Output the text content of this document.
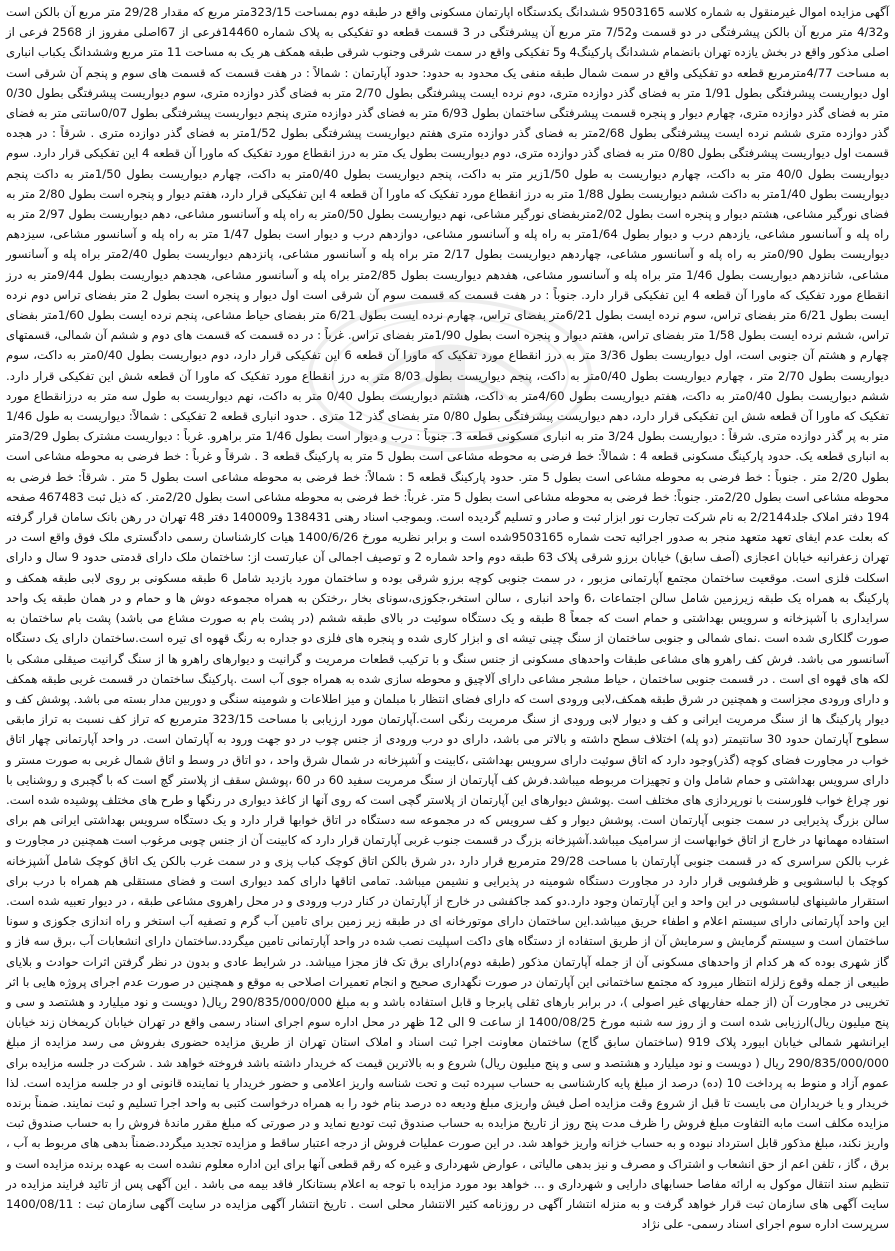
آگهی مزایده اموال غیرمنقول به شماره کلاسه 9503165 ششدانگ یکدستگاه اپارتمان مسکونی واقع در طبقه دوم بمساحت 323/15متر مربع که مقدار 29/28 متر مربع آن بالکن است و4/32 متر مربع آن بالکن پیشرفتگی در دو قسمت و7/52 متر مربع آن پیشرفتگی در 3 قسمت قطعه دو تفکیکی به پلاک شماره 14460فرعی از 67اصلی مفروز از 2568 فرعی از اصلی مذکور واقع در بخش یازده تهران بانضمام ششدانگ پارکینگ4 و5 تفکیکی واقع در سمت شرقی وجنوب شرقی طبقه همکف هر یک به مساحت 11 متر مربع وششدانگ یکباب انباری به مساحت 4/77مترمربع قطعه دو تفکیکی واقع در سمت شمال طبقه منفی یک محدود به حدود: حدود آپارتمان : شمالاً : در هفت قسمت که قسمت های سوم و پنجم آن شرقی است اول دیواریست پیشرفتگی بطول 1/91 متر به فضای گذر دوازده متری، دوم نرده ایست پیشرفتگی بطول 2/70 متر به فضای گذر دوازده متری، سوم دیواریست پیشرفتگی بطول 0/30 متر به فضای گذر دوازده متری، چهارم دیوار و پنجره قسمت پیشرفتگی ساختمان بطول 6/93 متر به فضای گذر دوازده متری پنجم دیواریست پیشرفتگی بطول 0/07سانتی متر به فضای گذر دوازده متری ششم نرده ایست پیشرفتگی بطول 2/68متر به فضای گذر دوازده متری هفتم دیواریست پیشرفتگی بطول 1/52متر به فضای گذر دوازده متری . شرقاً : در هجده قسمت اول دیواریست پیشرفتگی بطول 0/80 متر به فضای گذر دوازده متری، دوم دیواریست بطول یک متر به درز انقطاع مورد تفکیک که ماورا آن قطعه 4 این تفکیکی قرار دارد. سوم دیواریست بطول 40/0 متر به داکت، چهارم دیواریست به طول 1/50زیر متر به داکت، پنجم دیواریست بطول 0/40متر به داکت، چهارم دیواریست بطول 1/50متر به داکت پنجم دیواریست بطول 1/40متر به داکت ششم دیواریست بطول 1/88 متر به درز انقطاع مورد تفکیک که ماورا آن قطعه 4 این تفکیکی قرار دارد، هفتم دیوار و پنجره است بطول 2/80 متر به فضای نورگیر مشاعی، هشتم دیوار و پنجره است بطول 2/02متربفضای نورگیر مشاعی، نهم دیواریست بطول 0/50متر به راه پله و آسانسور مشاعی، دهم دیواریست بطول 2/97 متر به راه پله و آسانسور مشاعی، یازدهم درب و دیوار بطول 1/64متر به راه پله و آسانسور مشاعی، دوازدهم درب و دیوار است بطول 1/47 متر به راه پله و آسانسور مشاعی، سیزدهم دیواریست بطول 0/90متر به راه پله و آسانسور مشاعی، چهاردهم دیواریست بطول 2/17 متر براه پله و آسانسور مشاعی، پانزدهم دیواریست بطول 2/40متر براه پله و آسانسور مشاعی، شانزدهم دیواریست بطول 1/46 متر براه پله و آسانسور مشاعی، هفدهم دیواریست بطول 2/85متر براه پله و آسانسور مشاعی، هجدهم دیواریست بطول 9/44متر به درز انقطاع مورد تفکیک که ماورا آن قطعه 4 این تفکیکی قرار دارد. جنوباً : در هفت قسمت که قسمت سوم آن شرقی است اول دیوار و پنجره است بطول 2 متر بفضای تراس دوم نرده ایست بطول 6/21 متر بفضای تراس، سوم نرده ایست بطول 6/21متر بفضای تراس، چهارم نرده ایست بطول 6/21 متر بفضای حیاط مشاعی، پنجم نرده ایست بطول 1/60متر بفضای تراس، ششم نرده ایست بطول 1/58 متر بفضای تراس، هفتم دیوار و پنجره است بطول 1/90متر بفضای تراس. غرباً : در ده قسمت که قسمت های دوم و ششم آن شمالی، قسمتهای چهارم و هشتم آن جنوبی است، اول دیواریست بطول 3/36 متر به درز انقطاع مورد تفکیک که ماورا آن قطعه 6 این تفکیکی قرار دارد، دوم دیواریست بطول 0/40متر به داکت، سوم دیواریست بطول 2/70 متر ، چهارم دیواریست بطول 0/40متر به داکت، پنجم دیواریست بطول 8/03 متر به درز انقطاع مورد تفکیک که ماورا آن قطعه شش این تفکیکی قرار دارد. ششم دیواریست بطول 0/40متر به داکت، هفتم دیواریست بطول 4/60متر به داکت، هشتم دیواریست بطول 0/40 متر به داکت، نهم دیواریست به طول سه متر به درزانقطاع مورد تفکیک که ماورا آن قطعه شش این تفکیکی قرار دارد، دهم دیواریست پیشرفتگی بطول 0/80 متر بفضای گذر 12 متری . حدود انباری قطعه 2 تفکیکی : شمالاً: دیواریست به طول 1/46 متر به پر گذر دوازده متری. شرقاً : دیواریست بطول 3/24 متر به انباری مسکونی قطعه 3. جنوباً : درب و دیوار است بطول 1/46 متر براهرو. غرباً : دیواریست مشترک بطول 3/29متر به انباری قطعه یک. حدود پارکینگ مسکونی قطعه 4 : شمالاً: خط فرضی به محوطه مشاعی است بطول 5 متر به پارکینگ قطعه 3 . شرقاً و غرباً : خط فرضی به محوطه مشاعی است بطول 2/20 متر . جنوباً : خط فرضی به محوطه مشاعی است بطول 5 متر. حدود پارکینگ قطعه 5 : شمالاً: خط فرضی به محوطه مشاعی است بطول 5 متر . شرقاً: خط فرضی به محوطه مشاعی است بطول 2/20متر. جنوباً: خط فرضی به محوطه مشاعی است بطول 5 متر. غرباً: خط فرضی به محوطه مشاعی است بطول 2/20متر. که ذیل ثبت 467483 صفحه 194 دفتر املاک جلد2/2144 به نام شرکت تجارت نور ابزار ثبت و صادر و تسلیم گردیده است. وبموجب اسناد رهنی 138431 و140009 دفتر 48 تهران در رهن بانک سامان قرار گرفته که بعلت عدم ایفای تعهد متعهد منجر به صدور اجرائیه تحت شماره 9503165شده است و برابر نظریه مورخ 1400/6/26 هیات کارشناسان رسمی دادگستری ملک فوق واقع است در تهران زعفرانیه خیابان اعجازی (آصف سابق) خیابان برزو شرقی پلاک 63 طبقه دوم واحد شماره 2 و توصیف اجمالی آن عبارتست از: ساختمان ملک دارای قدمتی حدود 9 سال و دارای اسکلت فلزی است. موقعیت ساختمان مجتمع آپارتمانی مزبور ، در سمت جنوبی کوچه برزو شرقی بوده و ساختمان مورد بازدید شامل 6 طبقه مسکونی بر روی لابی طبقه همکف و پارکینگ به همراه یک طبقه زیرزمین شامل سالن اجتماعات ،6 واحد انباری ، سالن استخر،جکوزی،سونای بخار ،رختکن به همراه مجموعه دوش ها و حمام و در همان طبقه یک واحد سرایداری با آشپزخانه و سرویس بهداشتی و حمام است که جمعاً 8 طبقه و یک دستگاه سوئیت در بالای طبقه ششم (در پشت بام به صورت مشاع می باشد) پشت بام ساختمان به صورت گلکاری شده است .نمای شمالی و جنوبی ساختمان از سنگ چینی تیشه ای و ابزار کاری شده و پنجره های فلزی دو جداره به رنگ قهوه ای تیره است.ساختمان دارای یک دستگاه آسانسور می باشد. فرش کف راهرو های مشاعی طبقات واحدهای مسکونی از جنس سنگ و با ترکیب قطعات مرمریت و گرانیت و دیوارهای راهرو ها از سنگ گرانیت صیقلی مشکی با لکه های قهوه ای است . در قسمت جنوبی ساختمان ، حیاط مشجر مشاعی دارای آلاچیق و محوطه سازی شده به همراه جوی آب است .پارکینگ ساختمان در قسمت غربی طبقه همکف و دارای ورودی مجزاست و همچنین در شرق طبقه همکف،لابی ورودی است که دارای فضای انتظار با مبلمان و میز اطلاعات و شومینه سنگی و دوربین مدار بسته می باشد. پوشش کف و دیوار پارکینگ ها از سنگ مرمریت ایرانی و کف و دیوار لابی ورودی از سنگ مرمریت رنگی است.آپارتمان مورد ارزیابی با مساحت 323/15 مترمربع که تراز کف نسبت به تراز مابقی سطوح آپارتمان حدود 30 سانتیمتر (دو پله) اختلاف سطح داشته و بالاتر می باشد، دارای دو درب ورودی از جنس چوب در دو جهت ورود به آپارتمان است. در واحد آپارتمانی چهار اتاق خواب در مجاورت فضای کوچه (گذر)وجود دارد که اتاق سوئیت دارای سرویس بهداشتی ،کابینت و آشپزخانه در شمال شرق واحد ، دو اتاق در وسط و اتاق شمال غربی به صورت مستر و دارای سرویس بهداشتی و حمام شامل وان و تجهیزات مربوطه میباشد.فرش کف آپارتمان از سنگ مرمریت سفید 60 در 60 ،پوشش سقف از پلاستر گچ است که با گچبری و روشنایی با نور چراغ خواب فلورسنت با نورپردازی های مختلف است .پوشش دیوارهای این آپارتمان از پلاستر گچی است که روی آنها از کاغذ دیواری در رنگها و طرح های مختلف پوشیده شده است. سالن بزرگ پذیرایی در سمت جنوبی آپارتمان است. پوشش دیوار و کف سرویس که در مجموعه سه دستگاه در اتاق خوابها قرار دارد و یک دستگاه سرویس بهداشتی ایرانی هم برای استفاده مهمانها در خارج از اتاق خوابهاست از سرامیک میباشد.آشپزخانه بزرگ در قسمت جنوب غربی آپارتمان قرار دارد که کابینت آن از جنس چوبی مرغوب است همچنین در مجاورت و غرب بالکن سراسری که در قسمت جنوبی آپارتمان با مساحت 29/28 مترمربع قرار دارد ،در شرق بالکن اتاق کوچک کباب پزی و در سمت غرب بالکن یک اتاق کوچک شامل آشپزخانه کوچک با لباسشویی و ظرفشویی قرار دارد در مجاورت دستگاه شومینه در پذیرایی و نشیمن میباشد. تمامی اتاقها دارای کمد دیواری است و فضای مستقلی هم همراه با درب برای استقرار ماشینهای لباسشویی در این واحد و این آپارتمان وجود دارد.دو کمد جاکفشی در خارج از آپارتمان در کنار درب ورودی و در محل راهروی مشاعی طبقه ، در دیوار تعبیه شده است. این واحد آپارتمانی دارای سیستم اعلام و اطفاء حریق میباشد.این ساختمان دارای موتورخانه ای در طبقه زیر زمین برای تامین آب گرم و تصفیه آب استخر و راه اندازی جکوزی و سونا ساختمان است و سیستم گرمایش و سرمایش آن از طریق استفاده از دستگاه های داکت اسپلیت نصب شده در واحد آپارتمانی تامین میگردد.ساختمان دارای انشعابات آب ،برق سه فاز و گاز شهری بوده که هر کدام از واحدهای مسکونی آن از جمله آپارتمان مذکور (طبقه دوم)دارای برق تک فاز مجزا میباشد. در شرایط عادی و بدون در نظر گرفتن اثرات حوادث و بلایای طبیعی از جمله وقوع زلزله انتظار میرود که مجتمع ساختمانی این آپارتمان در صورت نگهداری صحیح و انجام تعمیرات اصلاحی به موقع و همچنین در صورت عدم اجرای پروژه هایی با اثر تخریبی در مجاورت آن (از جمله حفاریهای غیر اصولی )، در برابر بارهای ثقلی پابرجا و قابل استفاده باشد و به مبلغ 290/835/000/000 ریال( دویست و نود میلیارد و هشتصد و سی و پنج میلیون ریال)ارزیابی شده است و از روز سه شنبه مورخ 1400/08/25 از ساعت 9 الی 12 ظهر در محل اداره سوم اجرای اسناد رسمی واقع در تهران خیابان کریمخان زند خیابان ایرانشهر شمالی خیابان ابیورد پلاک 919 (ساختمان سابق گاج) ساختمان معاونت اجرا ثبت اسناد و املاک استان تهران از طریق مزایده حضوری بفروش می رسد مزایده از مبلغ 290/835/000/000 ریال ( دویست و نود میلیارد و هشتصد و سی و پنج میلیون ریال) شروع و به بالاترین قیمت که خریدار داشته باشد فروخته خواهد شد . شرکت در جلسه مزایده برای عموم آزاد و منوط به پرداخت 10 (ده) درصد از مبلغ پایه کارشناسی به حساب سپرده ثبت و تحت شناسه واریز اعلامی و حضور خریدار یا نماینده قانونی او در جلسه مزایده است. لذا خریدار و یا خریداران می بایست تا قبل از شروع وقت مزایده اصل فیش واریزی مبلغ ودیعه ده درصد بنام خود را به همراه درخواست کتبی به واحد اجرا تسلیم و ثبت نمایند. ضمناً برنده مزایده مکلف است مابه التفاوت مبلغ فروش را ظرف مدت پنج روز از تاریخ مزایده به حساب صندوق ثبت تودیع نماید و در صورتی که مبلغ مقرر ماندهٔ فروش را به حساب صندوق ثبت واریز نکند، مبلغ مذکور قابل استرداد نبوده و به حساب خزانه واریز خواهد شد. در این صورت عملیات فروش از درجه اعتبار ساقط و مزایده تجدید میگردد.ضمناً بدهی های مربوط به آب ، برق ، گاز ، تلفن اعم از حق انشعاب و اشتراک و مصرف و نیز بدهی مالیاتی ، عوارض شهرداری و غیره که رقم قطعی آنها برای این اداره معلوم نشده است به عهده برنده مزایده است و تنظیم سند انتقال موکول به ارائه مفاصا حسابهای دارایی و شهرداری و ... خواهد بود مورد مزایده با توجه به اعلام بستانکار فاقد بیمه می باشد . این آگهی پس از تائید فرایند مزایده در سایت آگهی های سازمان ثبت قرار خواهد گرفت و به منزله انتشار آگهی در روزنامه کثیر الانتشار محلی است . تاریخ انتشار آگهی مزایده در سایت آگهی سازمان ثبت : 1400/08/11 سرپرست اداره سوم اجرای اسناد رسمی- علی نژاد
